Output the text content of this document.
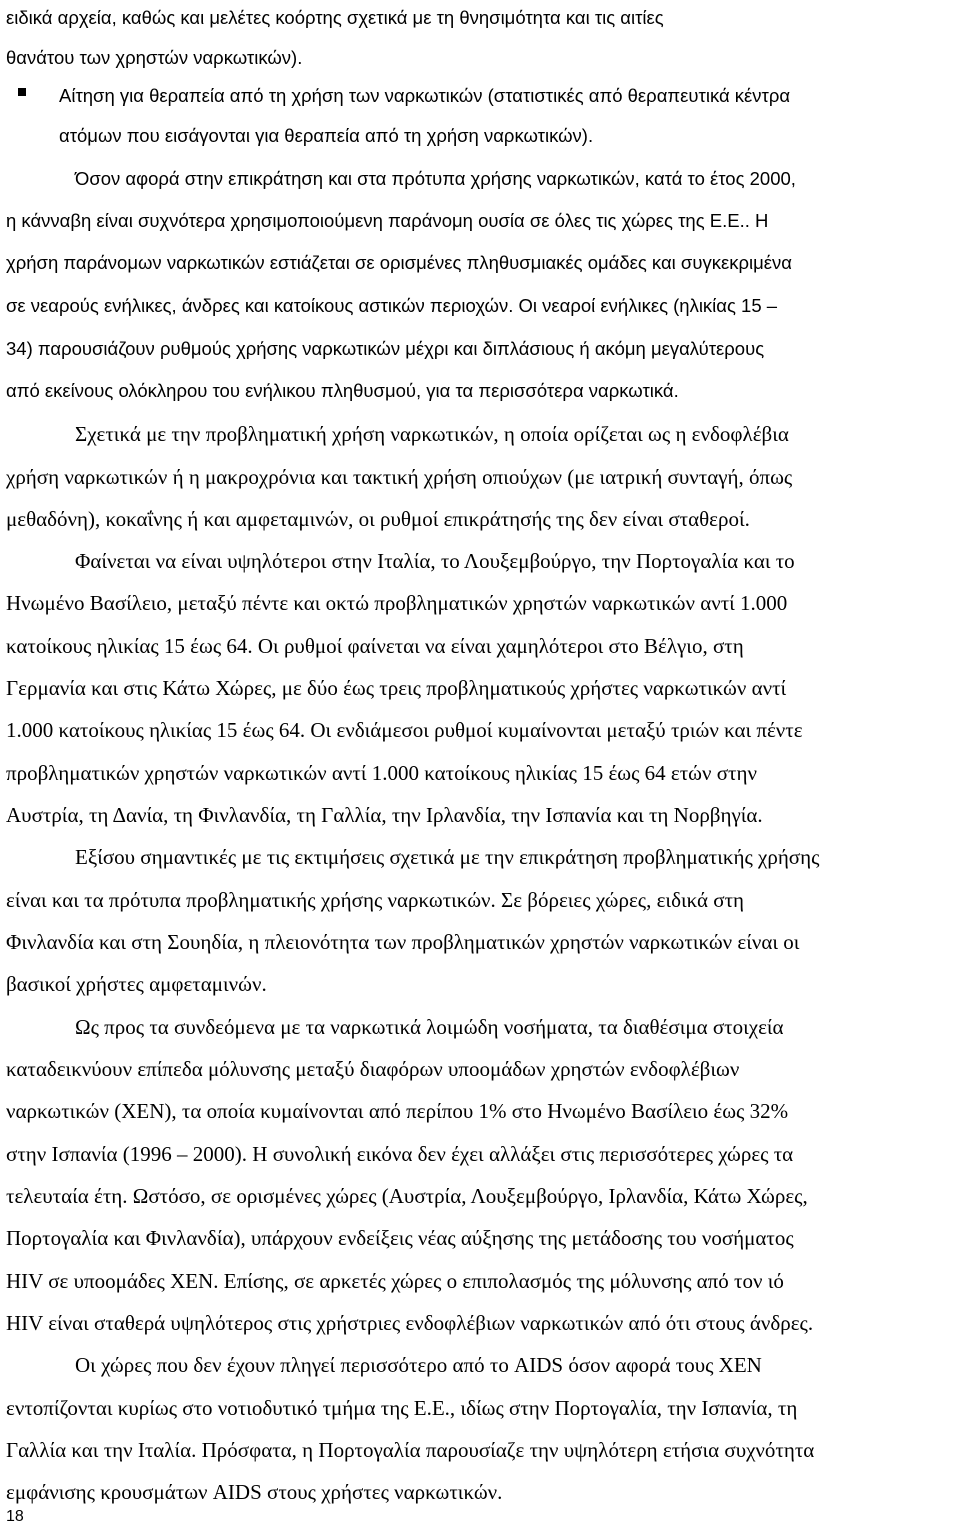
ειδικά αρχεία, καθώς και μελέτες κοόρτης σχετικά με τη θνησιμότητα και τις αιτίες
θανάτου των χρηστών ναρκωτικών).
Αίτηση για θεραπεία από τη χρήση των ναρκωτικών (στατιστικές από θεραπευτικά κέντρα
ατόμων που εισάγονται για θεραπεία από τη χρήση ναρκωτικών).
Όσον αφορά στην επικράτηση και στα πρότυπα χρήσης ναρκωτικών, κατά το έτος 2000,
η κάνναβη είναι συχνότερα χρησιμοποιούμενη παράνομη ουσία σε όλες τις χώρες της Ε.Ε.. Η
χρήση παράνομων ναρκωτικών εστιάζεται σε ορισμένες πληθυσμιακές ομάδες και συγκεκριμένα
σε νεαρούς ενήλικες, άνδρες και κατοίκους αστικών περιοχών. Οι νεαροί ενήλικες (ηλικίας 15 –
34) παρουσιάζουν ρυθμούς χρήσης ναρκωτικών μέχρι και διπλάσιους ή ακόμη μεγαλύτερους
από εκείνους ολόκληρου του ενήλικου πληθυσμού, για τα περισσότερα ναρκωτικά.
Σχετικά με την προβληματική χρήση ναρκωτικών, η οποία ορίζεται ως η ενδοφλέβια
χρήση ναρκωτικών ή η μακροχρόνια και τακτική χρήση οπιούχων (με ιατρική συνταγή, όπως
μεθαδόνη), κοκαΐνης ή και αμφεταμινών, οι ρυθμοί επικράτησής της δεν είναι σταθεροί.
Φαίνεται να είναι υψηλότεροι στην Ιταλία, το Λουξεμβούργο, την Πορτογαλία και το
Ηνωμένο Βασίλειο, μεταξύ πέντε και οκτώ προβληματικών χρηστών ναρκωτικών αντί 1.000
κατοίκους ηλικίας 15 έως 64. Οι ρυθμοί φαίνεται να είναι χαμηλότεροι στο Βέλγιο, στη
Γερμανία και στις Κάτω Χώρες, με δύο έως τρεις προβληματικούς χρήστες ναρκωτικών αντί
1.000 κατοίκους ηλικίας 15 έως 64. Οι ενδιάμεσοι ρυθμοί κυμαίνονται μεταξύ τριών και πέντε
προβληματικών χρηστών ναρκωτικών αντί 1.000 κατοίκους ηλικίας 15 έως 64 ετών στην
Αυστρία, τη Δανία, τη Φινλανδία, τη Γαλλία, την Ιρλανδία, την Ισπανία και τη Νορβηγία.
Εξίσου σημαντικές με τις εκτιμήσεις σχετικά με την επικράτηση προβληματικής χρήσης
είναι και τα πρότυπα προβληματικής χρήσης ναρκωτικών. Σε βόρειες χώρες, ειδικά στη
Φινλανδία και στη Σουηδία, η πλειονότητα των προβληματικών χρηστών ναρκωτικών είναι οι
βασικοί χρήστες αμφεταμινών.
Ως προς τα συνδεόμενα με τα ναρκωτικά λοιμώδη νοσήματα, τα διαθέσιμα στοιχεία
καταδεικνύουν επίπεδα μόλυνσης μεταξύ διαφόρων υποομάδων χρηστών ενδοφλέβιων
ναρκωτικών (ΧΕΝ), τα οποία κυμαίνονται από περίπου 1% στο Ηνωμένο Βασίλειο έως 32%
στην Ισπανία (1996 – 2000). Η συνολική εικόνα δεν έχει αλλάξει στις περισσότερες χώρες τα
τελευταία έτη. Ωστόσο, σε ορισμένες χώρες (Αυστρία, Λουξεμβούργο, Ιρλανδία, Κάτω Χώρες,
Πορτογαλία και Φινλανδία), υπάρχουν ενδείξεις νέας αύξησης της μετάδοσης του νοσήματος
HIV σε υποομάδες ΧΕΝ. Επίσης, σε αρκετές χώρες ο επιπολασμός της μόλυνσης από τον ιό
HIV είναι σταθερά υψηλότερος στις χρήστριες ενδοφλέβιων ναρκωτικών από ότι στους άνδρες.
Οι χώρες που δεν έχουν πληγεί περισσότερο από το AIDS όσον αφορά τους ΧΕΝ
εντοπίζονται κυρίως στο νοτιοδυτικό τμήμα της Ε.Ε., ιδίως στην Πορτογαλία, την Ισπανία, τη
Γαλλία και την Ιταλία. Πρόσφατα, η Πορτογαλία παρουσίαζε την υψηλότερη ετήσια συχνότητα
εμφάνισης κρουσμάτων AIDS στους χρήστες ναρκωτικών.
18
